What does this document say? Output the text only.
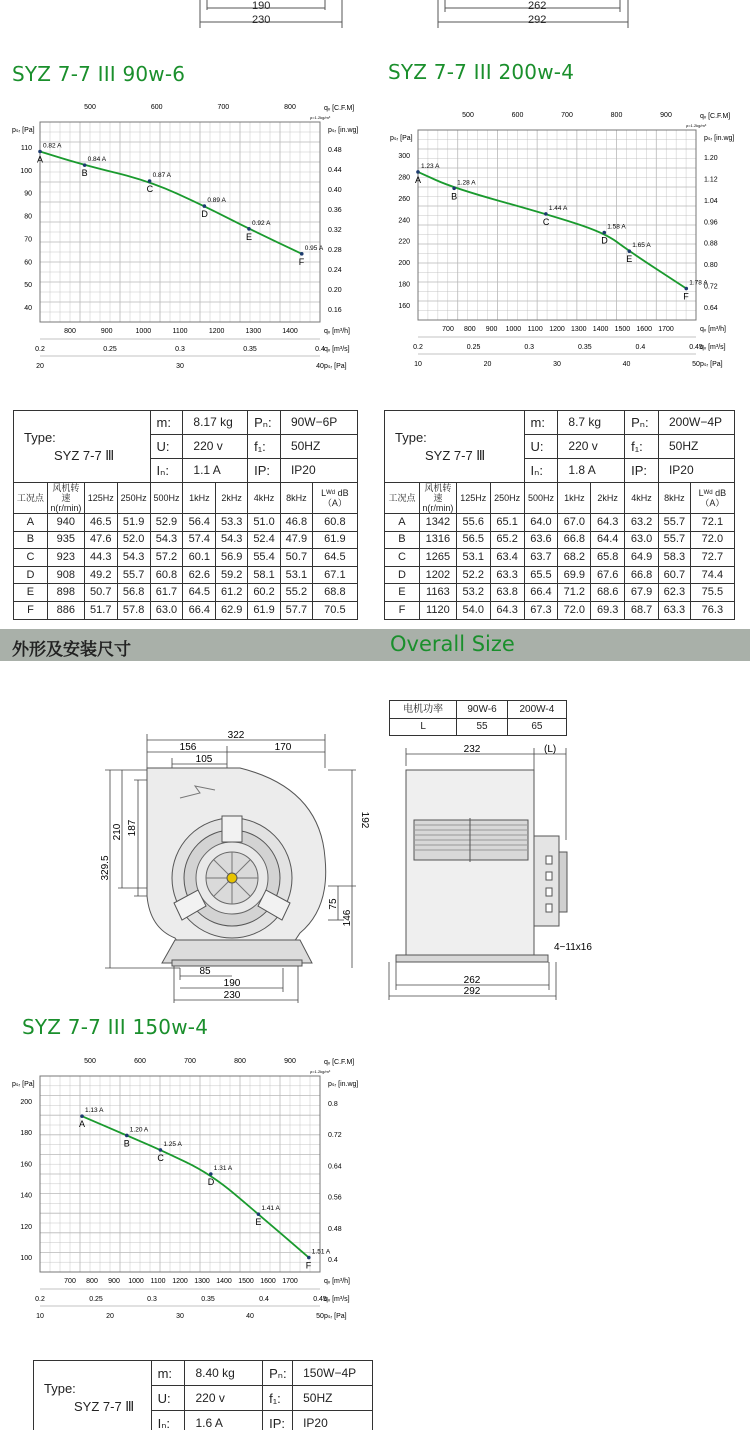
190
230
262
292
SYZ 7-7 III 90w-6	SYZ 7-7 III 200w-4
SYZ 7-7 III 150w-4
qᵥ [C.F.M]
ρ=1.2kg/m³
500	600	700	800
pₛᵣ [Pa]
110
100
90
80
70
60
50
40
pₛᵣ [in.wg]
0.48
0.44
0.40
0.36
0.32
0.28
0.24
0.20
0.16
800	900	1000	1100	1200	1300	1400	qᵥ [m³/h]
0.2	0.25	0.3	0.35	0.4 qᵥ [m³/s]
20	30	40 pₛᵣ [Pa]
0.82 A
A	0.84 A
B	0.87 A
C
0.89 A
D
0.92 A
E
0.95 A
F
qᵥ [C.F.M]
ρ=1.2kg/m³
500	600	700	800	900
pₛᵣ [Pa]
300
280
260
240
220
200
180
160
pₛᵣ [in.wg]
1.20
1.12
1.04
0.96
0.88
0.80
0.72
0.64
700 800 900 1000 1100 1200 1300 1400 1500 1600 1700	qᵥ [m³/h]
0.2	0.25	0.3	0.35	0.4	0.45
qᵥ [m³/s]
10	20	30	40	50 pₛᵣ [Pa]
1.23 A
A	1.28 A
B
1.44 A
C
1.58 A
D
1.65 A
E
1.78 A
F
qᵥ [C.F.M]
ρ=1.2kg/m³
500	600	700	800	900
pₛᵣ [Pa]
200
180
160
140
120
100
pₛᵣ [in.wg]
0.8
0.72
0.64
0.56
0.48
0.4
700 800 900 1000 1100 1200 1300 1400 1500 1600 1700	qᵥ [m³/h]
0.2	0.25	0.3	0.35	0.4	0.45
qᵥ [m³/s]
10	20	30	40	50 pₛᵣ [Pa]
1.13 A
A
1.20 A
B	1.25 A
C
1.31 A
D
1.41 A
E
1.51 A
F
Type:
SYZ 7-7 Ⅲ				m:	8.17 kg		Pₙ:	90W−6P	
				U:	220 v		f₁:	50HZ	
				Iₙ:	1.1 A		IP:	IP20	
工况点	风机转速 n(r/min)	125Hz	250Hz	500Hz	1kHz	2kHz	4kHz	8kHz	Lᵂᵈ dB（A）
A	940	46.5	51.9	52.9	56.4	53.3	51.0	46.8	60.8
B	935	47.6	52.0	54.3	57.4	54.3	52.4	47.9	61.9
C	923	44.3	54.3	57.2	60.1	56.9	55.4	50.7	64.5
D	908	49.2	55.7	60.8	62.6	59.2	58.1	53.1	67.1
E	898	50.7	56.8	61.7	64.5	61.2	60.2	55.2	68.8
F	886	51.7	57.8	63.0	66.4	62.9	61.9	57.7	70.5
Type:
SYZ 7-7 Ⅲ				m:	8.7 kg		Pₙ:	200W−4P	
				U:	220 v		f₁:	50HZ	
				Iₙ:	1.8 A		IP:	IP20	
工况点	风机转速 n(r/min)	125Hz	250Hz	500Hz	1kHz	2kHz	4kHz	8kHz	Lᵂᵈ dB（A）
A	1342	55.6	65.1	64.0	67.0	64.3	63.2	55.7	72.1
B	1316	56.5	65.2	63.6	66.8	64.4	63.0	55.7	72.0
C	1265	53.1	63.4	63.7	68.2	65.8	64.9	58.3	72.7
D	1202	52.2	63.3	65.5	69.9	67.6	66.8	60.7	74.4
E	1163	53.2	63.8	66.4	71.2	68.6	67.9	62.3	75.5
F	1120	54.0	64.3	67.3	72.0	69.3	68.7	63.3	76.3
外形及安装尺寸	Overall Size
322
156	170
105
210 187
329.5
192
75
146
85
190
230
电机功率	90W-6	200W-4
L	55	65
232	(L)
4−11x16
262
292
Type:
SYZ 7-7 Ⅲ	m:	8.40 kg	Pₙ:	150W−4P
	U:	220 v	f₁:	50HZ
	Iₙ:	1.6 A	IP:	IP20
